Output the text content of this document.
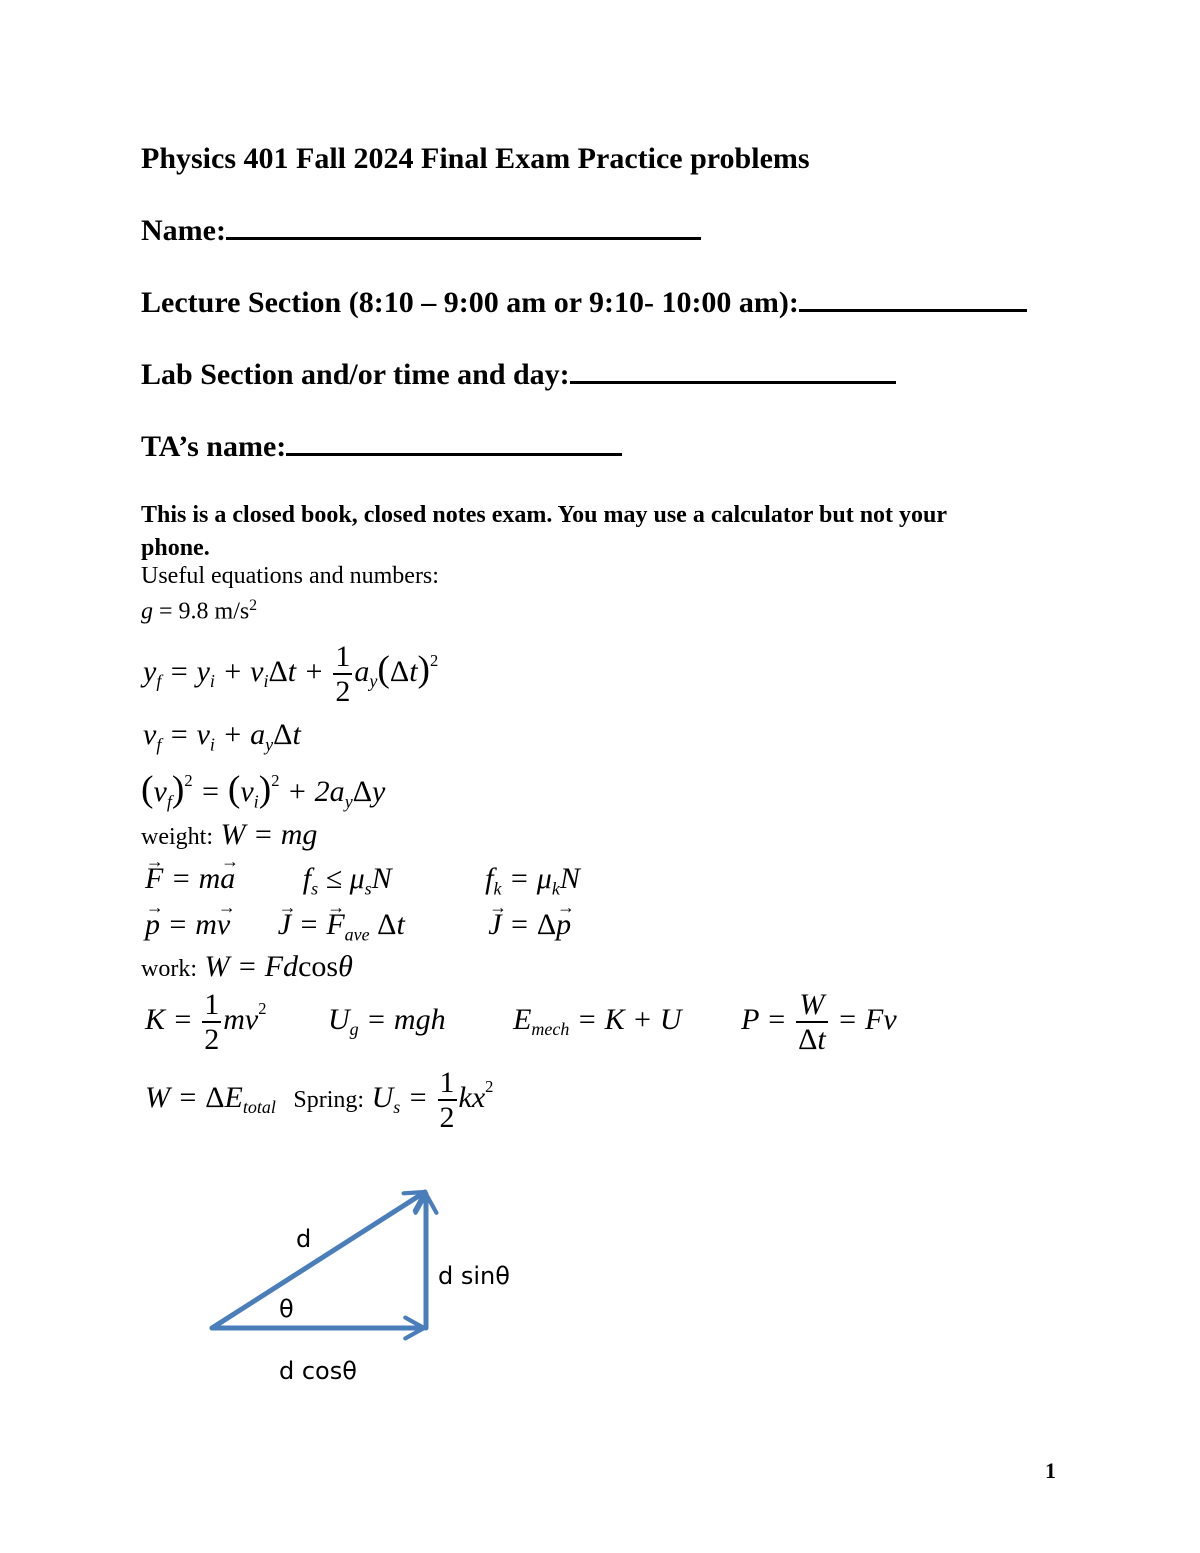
Physics 401 Fall 2024 Final Exam Practice problems
Name:
Lecture Section (8:10 – 9:00 am or 9:10- 10:00 am):
Lab Section and/or time and day:
TA’s name:
This is a closed book, closed notes exam. You may use a calculator but not your
phone.
Useful equations and numbers:
g = 9.8 $m/s^2$
$y_f = y_i + v_i\Delta t + \frac{1}{2} a_y(\Delta t)^2$
$v_f = v_i + a_y\Delta t$
$(v_f)^2 = (v_i)^2 + 2a_y\Delta y$
weight: W = mg
→ F = m→ a $f_s \le \mu_sN$	$f_k = \mu_kN$
→ p = m→ v → J = → $F_{ave}$ Δt	→ J = Δ→ p
work: W = Fdcosθ
$K = \frac{1}{2} mv^2$ $U_g$ = mgh $E_{mech} = K + U$ $P = \frac{W}{\Delta t} = Fv$
$W = \Delta E_{total}$ Spring: $U_s = \frac{1}{2} kx^2$
d
θ
d sinθ
d cosθ
1
